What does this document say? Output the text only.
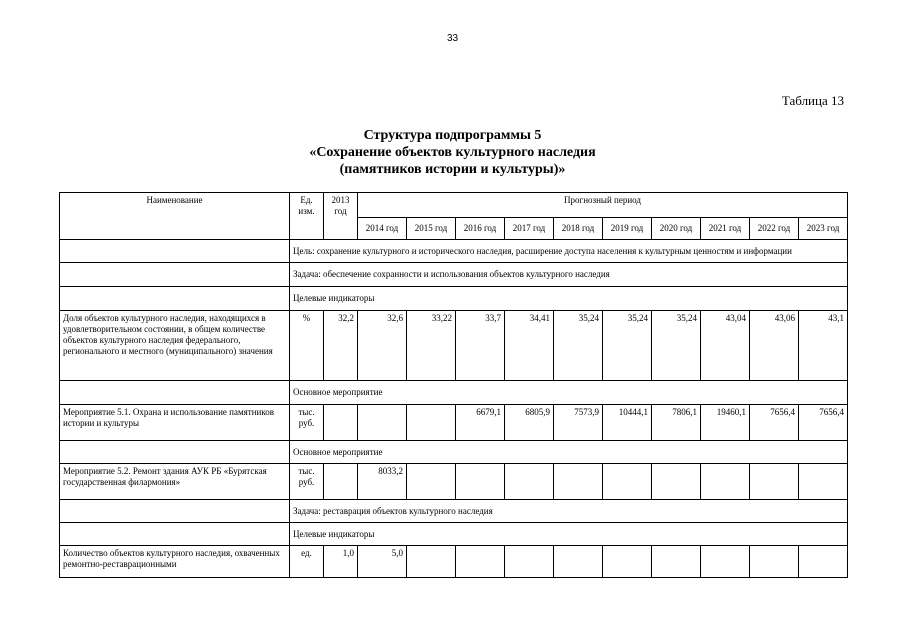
33
Таблица 13
Структура подпрограммы 5
«Сохранение объектов культурного наследия
(памятников истории и культуры)»
Наименование	Ед. изм.	2013 год	Прогнозный период									
			2014 год	2015 год	2016 год	2017 год	2018 год	2019 год	2020 год	2021 год	2022 год	2023 год
	Цель: сохранение культурного и исторического наследия, расширение доступа населения к культурным ценностям и информации											
	Задача: обеспечение сохранности и использования объектов культурного наследия											
	Целевые индикаторы											
Доля объектов культурного наследия, находящихся в удовлетворительном состоянии, в общем количестве объектов культурного наследия федерального, регионального и местного (муниципального) значения	%	32,2	32,6	33,22	33,7	34,41	35,24	35,24	35,24	43,04	43,06	43,1
	Основное мероприятие											
Мероприятие 5.1. Охрана и использование памятников истории и культуры	тыс. руб.				6679,1	6805,9	7573,9	10444,1	7806,1	19460,1	7656,4	7656,4
	Основное мероприятие											
Мероприятие 5.2. Ремонт здания АУК РБ «Бурятская государственная филармония»	тыс. руб.		8033,2									
	Задача: реставрация объектов культурного наследия											
	Целевые индикаторы											
Количество объектов культурного наследия, охваченных ремонтно-реставрационными	ед.	1,0	5,0									
